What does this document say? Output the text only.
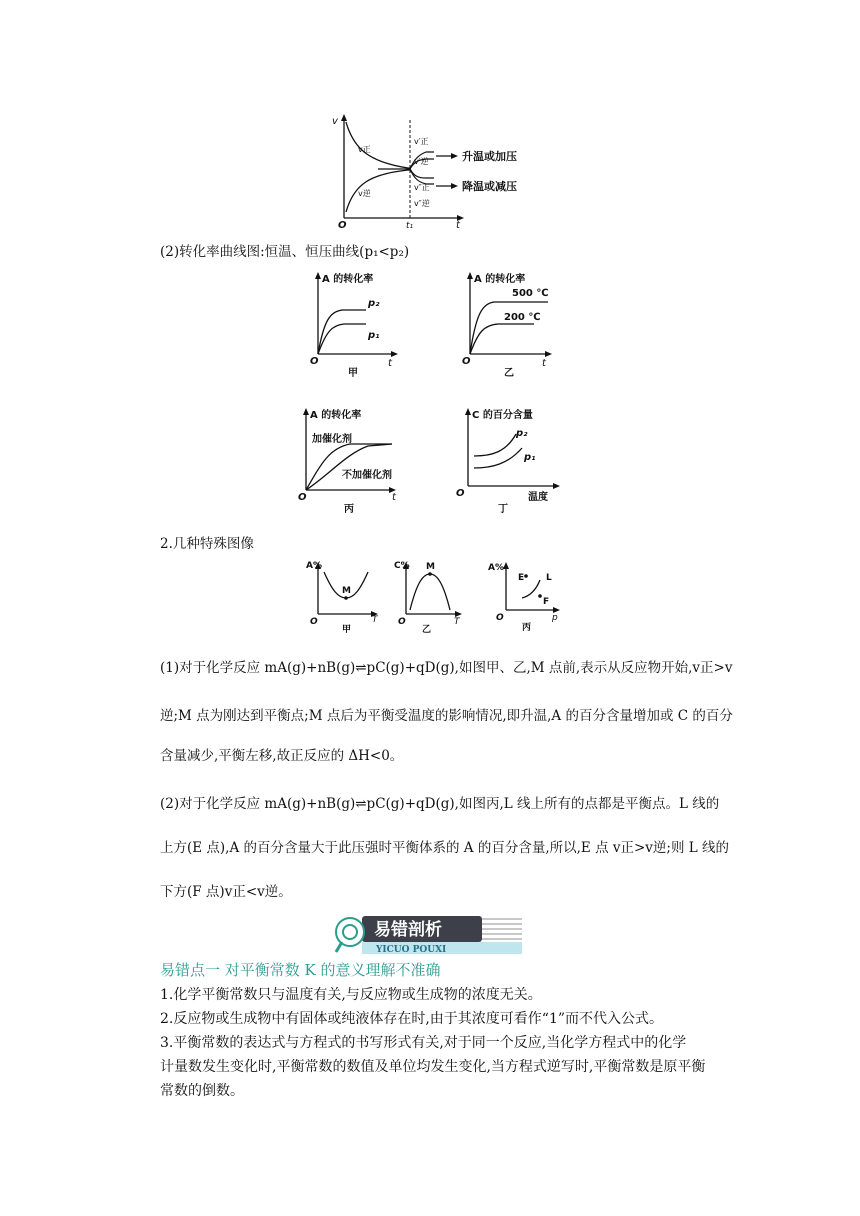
v
v正
v逆
v′正
v′逆
v″正
v″逆
升温或加压
降温或减压
O	t₁	t
(2)转化率曲线图:恒温、恒压曲线(p₁<p₂)
A 的转化率
p₂
p₁
O	t
甲
A 的转化率
500 ℃
200 ℃
O	t
乙
A 的转化率
加催化剂
不加催化剂
O	t
丙
C 的百分含量
p₂
p₁
O	温度
丁
2.几种特殊图像
A%
M
O	T
甲
C% M
O	T
乙
A%
E L
F
O	p
丙
(1)对于化学反应 mA(g)+nB(g)⇌pC(g)+qD(g),如图甲、乙,M 点前,表示从反应物开始,v正>v
逆;M 点为刚达到平衡点;M 点后为平衡受温度的影响情况,即升温,A 的百分含量增加或 C 的百分
含量减少,平衡左移,故正反应的 ΔH<0。
(2)对于化学反应 mA(g)+nB(g)⇌pC(g)+qD(g),如图丙,L 线上所有的点都是平衡点。L 线的
上方(E 点),A 的百分含量大于此压强时平衡体系的 A 的百分含量,所以,E 点 v正>v逆;则 L 线的
下方(F 点)v正<v逆。
易错剖析
YICUO POUXI
易错点一 对平衡常数 K 的意义理解不准确
1.化学平衡常数只与温度有关,与反应物或生成物的浓度无关。
2.反应物或生成物中有固体或纯液体存在时,由于其浓度可看作“1”而不代入公式。
3.平衡常数的表达式与方程式的书写形式有关,对于同一个反应,当化学方程式中的化学
计量数发生变化时,平衡常数的数值及单位均发生变化,当方程式逆写时,平衡常数是原平衡
常数的倒数。
